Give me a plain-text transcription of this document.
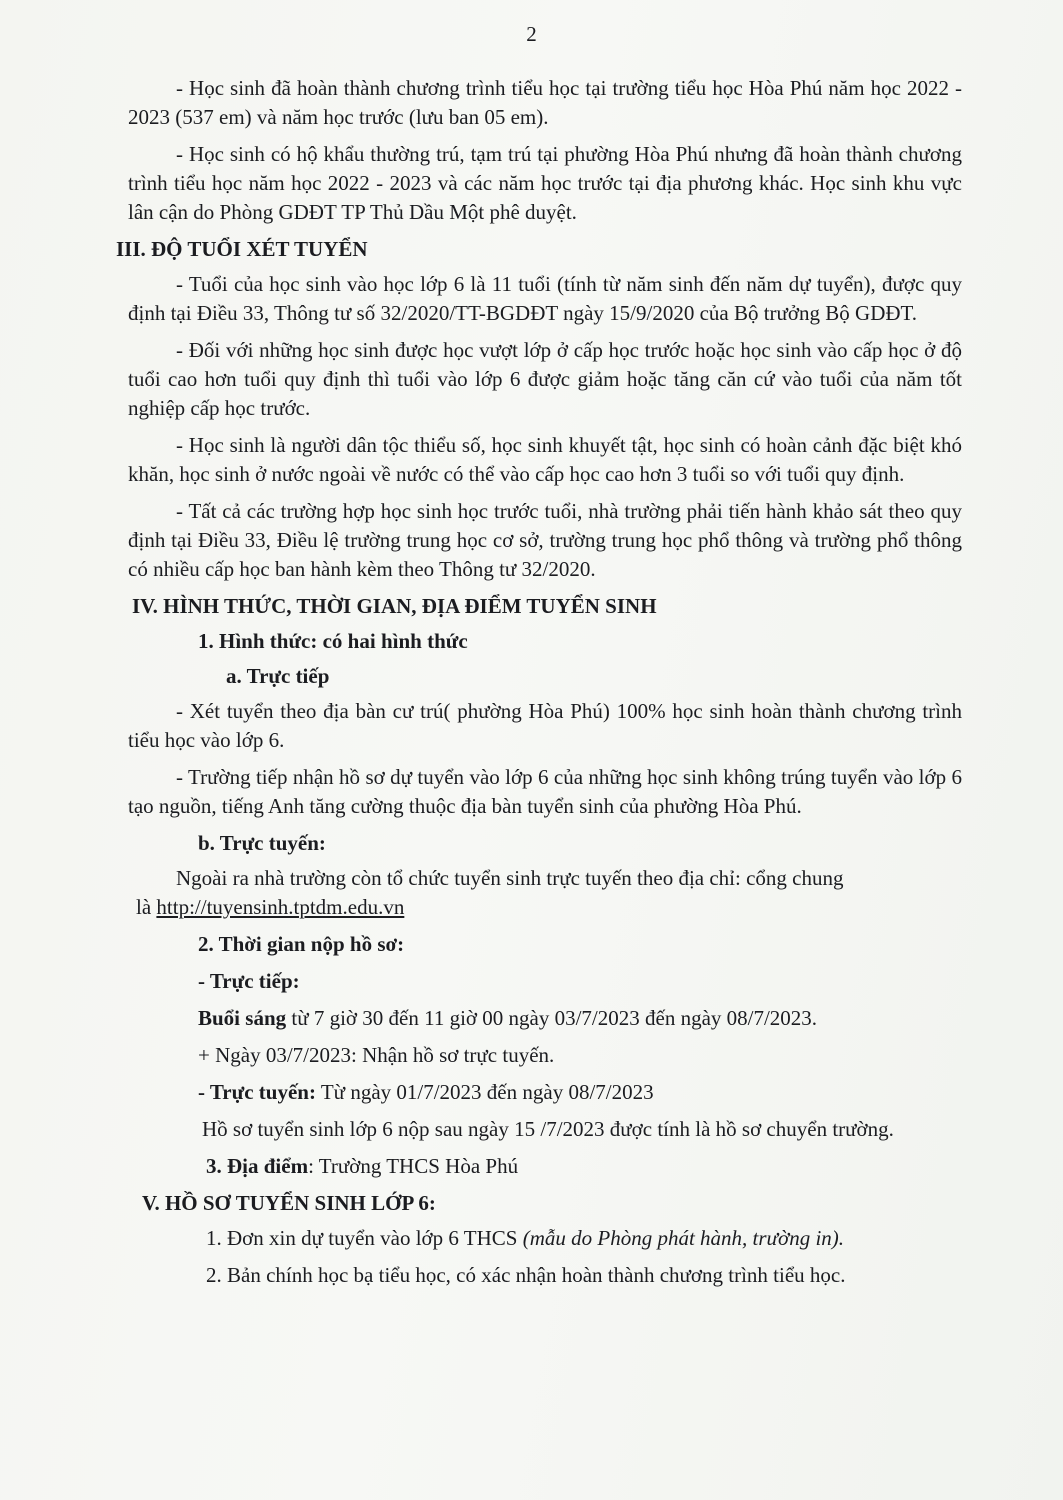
2

- Học sinh đã hoàn thành chương trình tiểu học tại trường tiểu học Hòa Phú năm học 2022 - 2023 (537 em) và năm học trước (lưu ban 05 em).

- Học sinh có hộ khẩu thường trú, tạm trú tại phường Hòa Phú nhưng đã hoàn thành chương trình tiểu học năm học 2022 - 2023 và các năm học trước tại địa phương khác. Học sinh khu vực lân cận do Phòng GDĐT TP Thủ Dầu Một phê duyệt.

III. ĐỘ TUỔI XÉT TUYỂN

- Tuổi của học sinh vào học lớp 6 là 11 tuổi (tính từ năm sinh đến năm dự tuyển), được quy định tại Điều 33, Thông tư số 32/2020/TT-BGDĐT ngày 15/9/2020 của Bộ trưởng Bộ GDĐT.

- Đối với những học sinh được học vượt lớp ở cấp học trước hoặc học sinh vào cấp học ở độ tuổi cao hơn tuổi quy định thì tuổi vào lớp 6 được giảm hoặc tăng căn cứ vào tuổi của năm tốt nghiệp cấp học trước.

- Học sinh là người dân tộc thiểu số, học sinh khuyết tật, học sinh có hoàn cảnh đặc biệt khó khăn, học sinh ở nước ngoài về nước có thể vào cấp học cao hơn 3 tuổi so với tuổi quy định.

- Tất cả các trường hợp học sinh học trước tuổi, nhà trường phải tiến hành khảo sát theo quy định tại Điều 33, Điều lệ trường trung học cơ sở, trường trung học phổ thông và trường phổ thông có nhiều cấp học ban hành kèm theo Thông tư 32/2020.

IV. HÌNH THỨC, THỜI GIAN, ĐỊA ĐIỂM TUYỂN SINH

1. Hình thức: có hai hình thức

a. Trực tiếp

- Xét tuyển theo địa bàn cư trú( phường Hòa Phú) 100% học sinh hoàn thành chương trình tiểu học vào lớp 6.

- Trường tiếp nhận hồ sơ dự tuyển vào lớp 6 của những học sinh không trúng tuyển vào lớp 6 tạo nguồn, tiếng Anh tăng cường thuộc địa bàn tuyển sinh của phường Hòa Phú.

b. Trực tuyến:

Ngoài ra nhà trường còn tổ chức tuyển sinh trực tuyến theo địa chỉ: cổng chung

là http://tuyensinh.tptdm.edu.vn

2. Thời gian nộp hồ sơ:

- Trực tiếp:

Buổi sáng từ 7 giờ 30 đến 11 giờ 00 ngày 03/7/2023 đến ngày 08/7/2023.

+ Ngày 03/7/2023: Nhận hồ sơ trực tuyến.

- Trực tuyến: Từ ngày 01/7/2023 đến ngày 08/7/2023

Hồ sơ tuyển sinh lớp 6 nộp sau ngày 15 /7/2023 được tính là hồ sơ chuyển trường.

3. Địa điểm: Trường THCS Hòa Phú

V. HỒ SƠ TUYỂN SINH LỚP 6:

1. Đơn xin dự tuyển vào lớp 6 THCS (mẫu do Phòng phát hành, trường in).

2. Bản chính học bạ tiểu học, có xác nhận hoàn thành chương trình tiểu học.
